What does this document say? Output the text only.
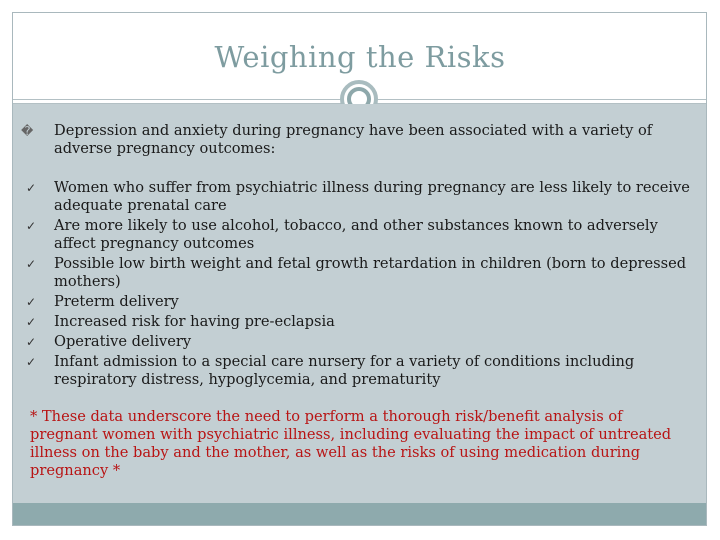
Weighing the Risks
� Depression and anxiety during pregnancy have been associated with a variety of adverse pregnancy outcomes:
✓ Women who suffer from psychiatric illness during pregnancy are less likely to receive adequate prenatal care
✓ Are more likely to use alcohol, tobacco, and other substances known to adversely affect pregnancy outcomes
✓ Possible low birth weight and fetal growth retardation in children (born to depressed mothers)
✓ Preterm delivery
✓ Increased risk for having pre-eclapsia
✓ Operative delivery
✓ Infant admission to a special care nursery for a variety of conditions including respiratory distress, hypoglycemia, and prematurity
* These data underscore the need to perform a thorough risk/benefit analysis of pregnant women with psychiatric illness, including evaluating the impact of untreated illness on the baby and the mother, as well as the risks of using medication during pregnancy *
